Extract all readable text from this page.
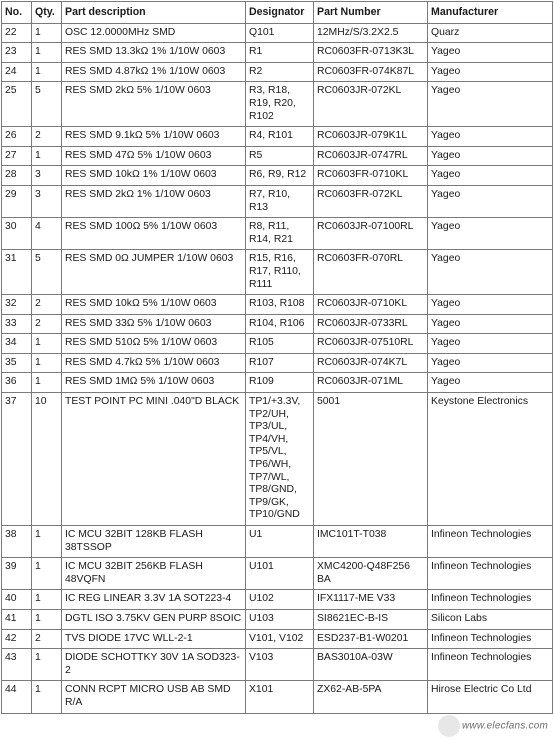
No.	Qty.	Part description	Designator	Part Number	Manufacturer
22	1	OSC 12.0000MHz SMD	Q101	12MHz/S/3.2X2.5	Quarz
23	1	RES SMD 13.3kΩ 1% 1/10W 0603	R1	RC0603FR-0713K3L	Yageo
24	1	RES SMD 4.87kΩ 1% 1/10W 0603	R2	RC0603FR-074K87L	Yageo
25	5	RES SMD 2kΩ 5% 1/10W 0603	R3, R18, R19, R20, R102	RC0603JR-072KL	Yageo
26	2	RES SMD 9.1kΩ 5% 1/10W 0603	R4, R101	RC0603JR-079K1L	Yageo
27	1	RES SMD 47Ω 5% 1/10W 0603	R5	RC0603JR-0747RL	Yageo
28	3	RES SMD 10kΩ 1% 1/10W 0603	R6, R9, R12	RC0603FR-0710KL	Yageo
29	3	RES SMD 2kΩ 1% 1/10W 0603	R7, R10, R13	RC0603FR-072KL	Yageo
30	4	RES SMD 100Ω 5% 1/10W 0603	R8, R11, R14, R21	RC0603JR-07100RL	Yageo
31	5	RES SMD 0Ω JUMPER 1/10W 0603	R15, R16, R17, R110, R111	RC0603FR-070RL	Yageo
32	2	RES SMD 10kΩ 5% 1/10W 0603	R103, R108	RC0603JR-0710KL	Yageo
33	2	RES SMD 33Ω 5% 1/10W 0603	R104, R106	RC0603JR-0733RL	Yageo
34	1	RES SMD 510Ω 5% 1/10W 0603	R105	RC0603JR-07510RL	Yageo
35	1	RES SMD 4.7kΩ 5% 1/10W 0603	R107	RC0603JR-074K7L	Yageo
36	1	RES SMD 1MΩ 5% 1/10W 0603	R109	RC0603JR-071ML	Yageo
37	10	TEST POINT PC MINI .040"D BLACK	TP1/+3.3V, TP2/UH, TP3/UL, TP4/VH, TP5/VL, TP6/WH, TP7/WL, TP8/GND, TP9/GK, TP10/GND	5001	Keystone Electronics
38	1	IC MCU 32BIT 128KB FLASH 38TSSOP	U1	IMC101T-T038	Infineon Technologies
39	1	IC MCU 32BIT 256KB FLASH 48VQFN	U101	XMC4200-Q48F256 BA	Infineon Technologies
40	1	IC REG LINEAR 3.3V 1A SOT223-4	U102	IFX1117-ME V33	Infineon Technologies
41	1	DGTL ISO 3.75KV GEN PURP 8SOIC	U103	SI8621EC-B-IS	Silicon Labs
42	2	TVS DIODE 17VC WLL-2-1	V101, V102	ESD237-B1-W0201	Infineon Technologies
43	1	DIODE SCHOTTKY 30V 1A SOD323-2	V103	BAS3010A-03W	Infineon Technologies
44	1	CONN RCPT MICRO USB AB SMD R/A	X101	ZX62-AB-5PA	Hirose Electric Co Ltd
www.elecfans.com
